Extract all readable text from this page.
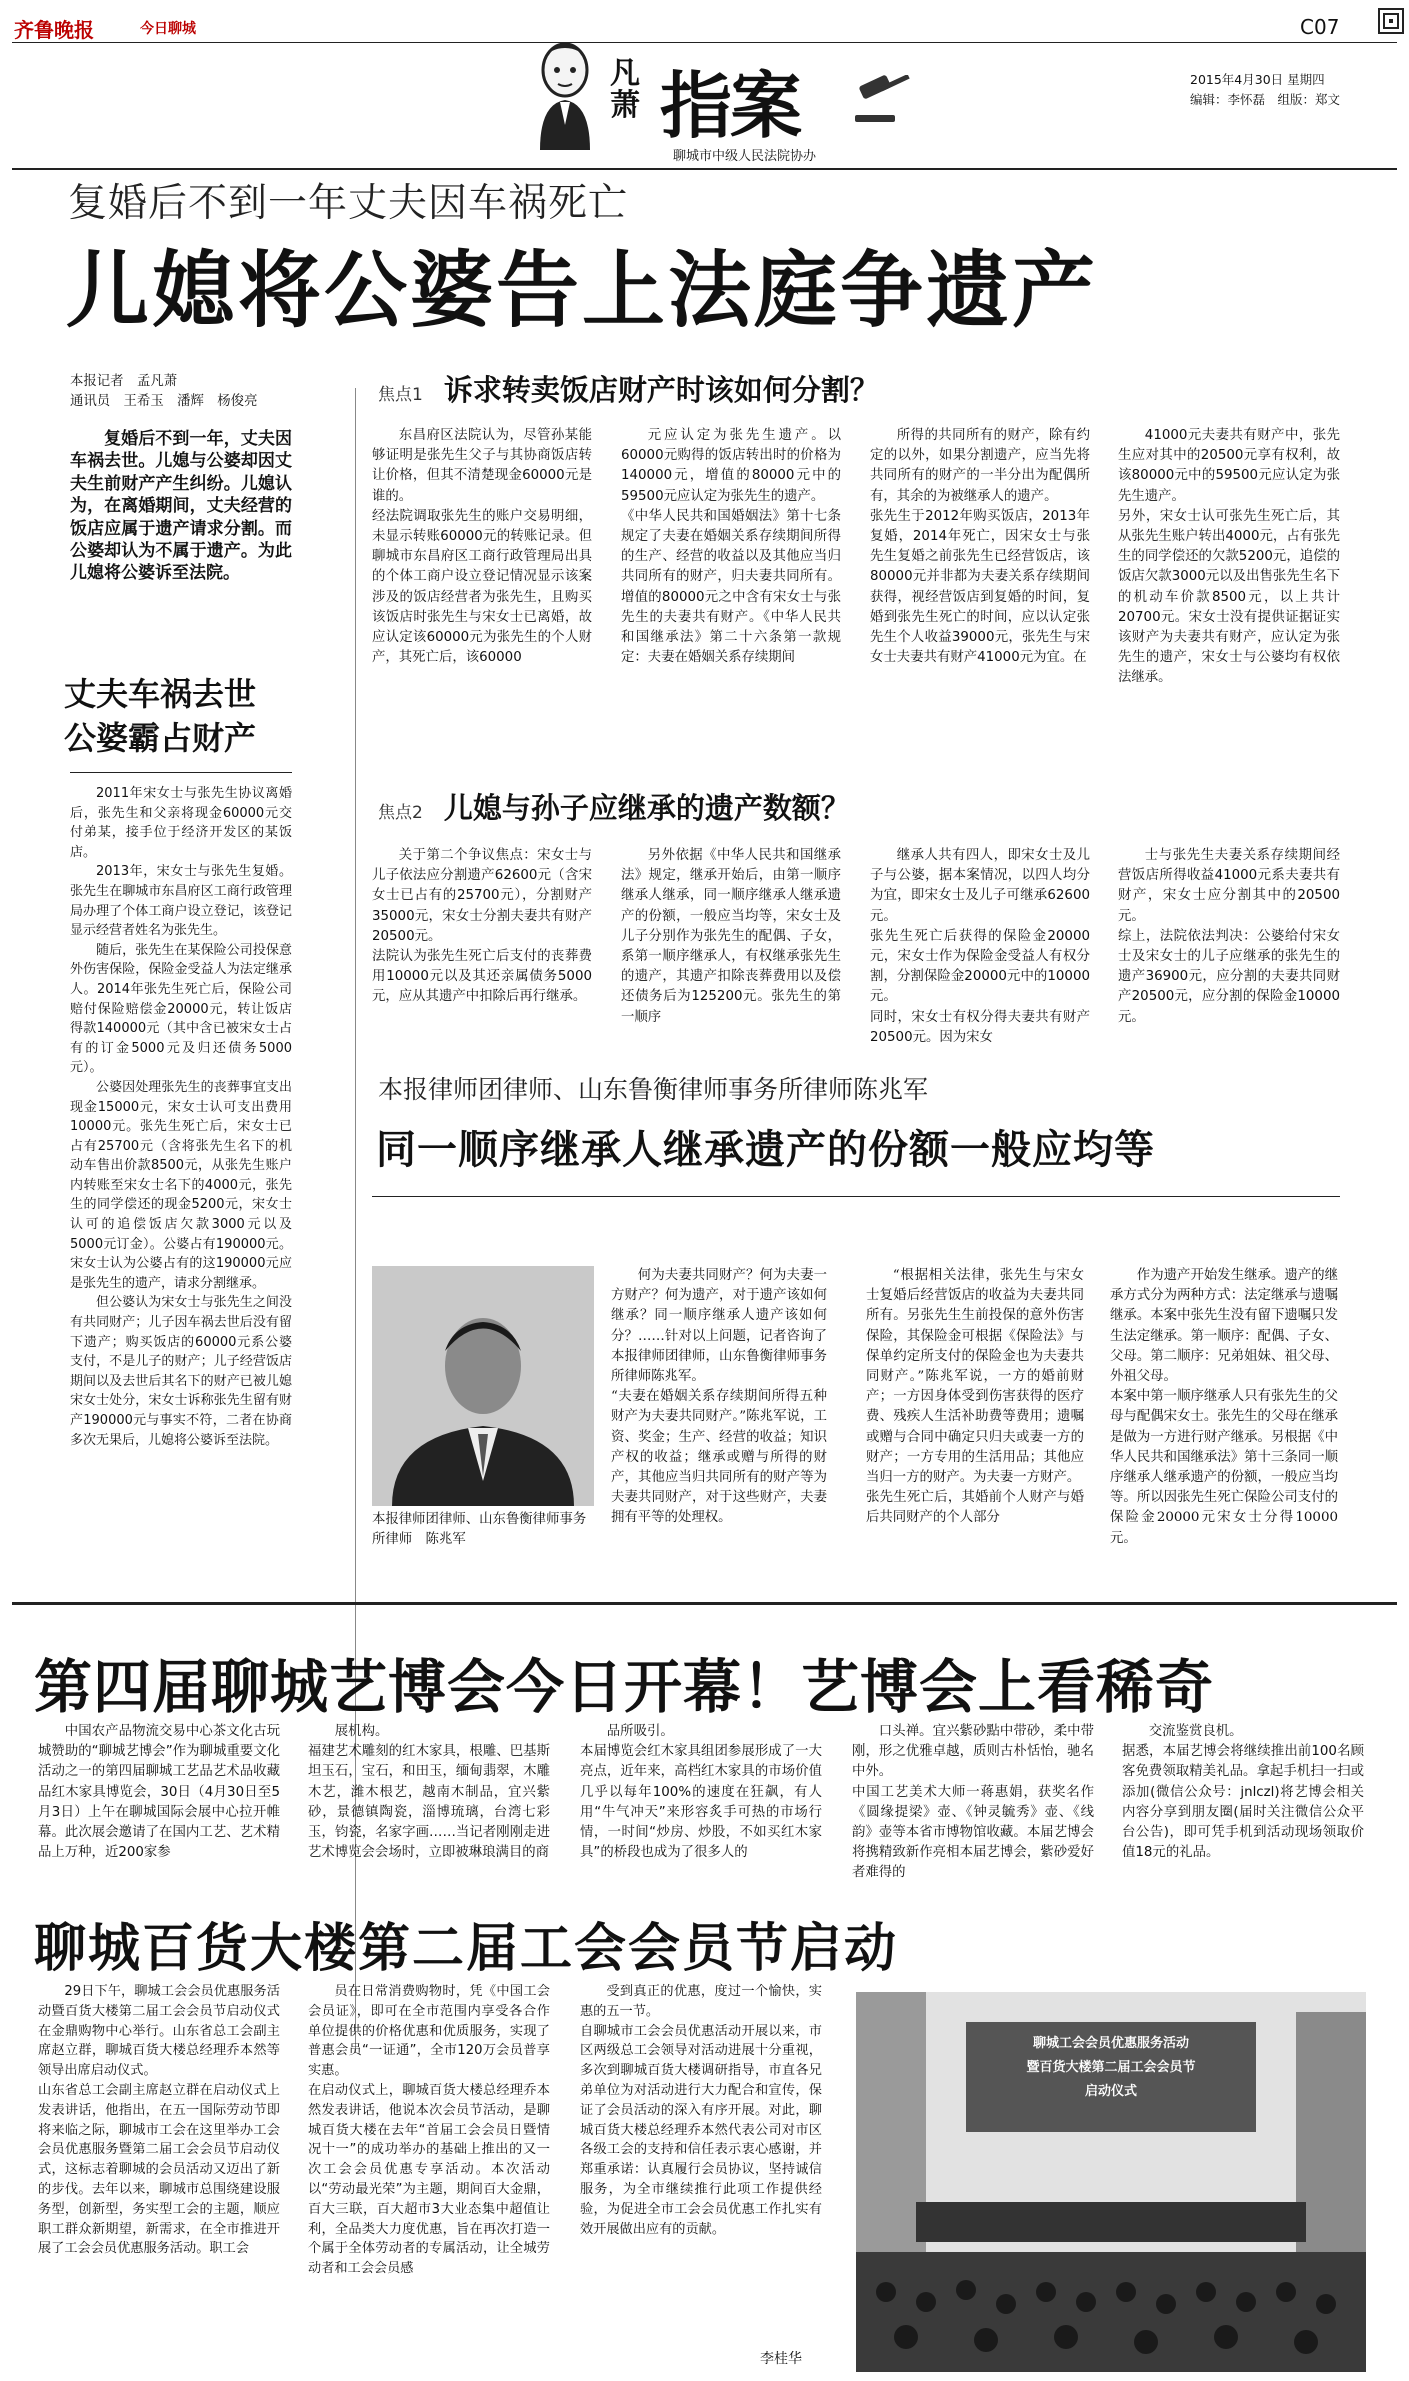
齐鲁晚报	今日聊城
凡
萧 指案
聊城市中级人民法院协办
C07
2015年4月30日 星期四
编辑：李怀磊　组版：郑文
复婚后不到一年丈夫因车祸死亡
儿媳将公婆告上法庭争遗产
本报记者　孟凡萧
通讯员　王希玉　潘辉　杨俊亮
复婚后不到一年，丈夫因车祸去世。儿媳与公婆却因丈夫生前财产产生纠纷。儿媳认为，在离婚期间，丈夫经营的饭店应属于遗产请求分割。而公婆却认为不属于遗产。为此儿媳将公婆诉至法院。
丈夫车祸去世
公婆霸占财产

2011年宋女士与张先生协议离婚后，张先生和父亲将现金60000元交付弟某，接手位于经济开发区的某饭店。

2013年，宋女士与张先生复婚。张先生在聊城市东昌府区工商行政管理局办理了个体工商户设立登记，该登记显示经营者姓名为张先生。

随后，张先生在某保险公司投保意外伤害保险，保险金受益人为法定继承人。2014年张先生死亡后，保险公司赔付保险赔偿金20000元，转让饭店得款140000元（其中含已被宋女士占有的订金5000元及归还债务5000元）。

公婆因处理张先生的丧葬事宜支出现金15000元，宋女士认可支出费用10000元。张先生死亡后，宋女士已占有25700元（含将张先生名下的机动车售出价款8500元，从张先生账户内转账至宋女士名下的4000元，张先生的同学偿还的现金5200元，宋女士认可的追偿饭店欠款3000元以及5000元订金）。公婆占有190000元。宋女士认为公婆占有的这190000元应是张先生的遗产，请求分割继承。

但公婆认为宋女士与张先生之间没有共同财产；儿子因车祸去世后没有留下遗产；购买饭店的60000元系公婆支付，不是儿子的财产；儿子经营饭店期间以及去世后其名下的财产已被儿媳宋女士处分，宋女士诉称张先生留有财产190000元与事实不符，二者在协商多次无果后，儿媳将公婆诉至法院。

焦点1 诉求转卖饭店财产时该如何分割？
东昌府区法院认为，尽管孙某能够证明是张先生父子与其协商饭店转让价格，但其不清楚现金60000元是谁的。
经法院调取张先生的账户交易明细，未显示转账60000元的转账记录。但聊城市东昌府区工商行政管理局出具的个体工商户设立登记情况显示该案涉及的饭店经营者为张先生，且购买该饭店时张先生与宋女士已离婚，故应认定该60000元为张先生的个人财产，其死亡后，该60000
元应认定为张先生遗产。以60000元购得的饭店转出时的价格为140000元，增值的80000元中的59500元应认定为张先生的遗产。
《中华人民共和国婚姻法》第十七条规定了夫妻在婚姻关系存续期间所得的生产、经营的收益以及其他应当归共同所有的财产，归夫妻共同所有。增值的80000元之中含有宋女士与张先生的夫妻共有财产。《中华人民共和国继承法》第二十六条第一款规定：夫妻在婚姻关系存续期间
所得的共同所有的财产，除有约定的以外，如果分割遗产，应当先将共同所有的财产的一半分出为配偶所有，其余的为被继承人的遗产。
张先生于2012年购买饭店，2013年复婚，2014年死亡，因宋女士与张先生复婚之前张先生已经营饭店，该80000元并非都为夫妻关系存续期间获得，视经营饭店到复婚的时间，复婚到张先生死亡的时间，应以认定张先生个人收益39000元，张先生与宋女士夫妻共有财产41000元为宜。在
41000元夫妻共有财产中，张先生应对其中的20500元享有权利，故该80000元中的59500元应认定为张先生遗产。
另外，宋女士认可张先生死亡后，其从张先生账户转出4000元，占有张先生的同学偿还的欠款5200元，追偿的饭店欠款3000元以及出售张先生名下的机动车价款8500元，以上共计20700元。宋女士没有提供证据证实该财产为夫妻共有财产，应认定为张先生的遗产，宋女士与公婆均有权依法继承。
焦点2 儿媳与孙子应继承的遗产数额？
关于第二个争议焦点：宋女士与儿子依法应分割遗产62600元（含宋女士已占有的25700元），分割财产35000元，宋女士分割夫妻共有财产20500元。
法院认为张先生死亡后支付的丧葬费用10000元以及其还亲属债务5000元，应从其遗产中扣除后再行继承。
另外依据《中华人民共和国继承法》规定，继承开始后，由第一顺序继承人继承，同一顺序继承人继承遗产的份额，一般应当均等，宋女士及儿子分别作为张先生的配偶、子女，系第一顺序继承人，有权继承张先生的遗产，其遗产扣除丧葬费用以及偿还债务后为125200元。张先生的第一顺序
继承人共有四人，即宋女士及儿子与公婆，据本案情况，以四人均分为宜，即宋女士及儿子可继承62600元。
张先生死亡后获得的保险金20000元，宋女士作为保险金受益人有权分割，分割保险金20000元中的10000元。
同时，宋女士有权分得夫妻共有财产20500元。因为宋女
士与张先生夫妻关系存续期间经营饭店所得收益41000元系夫妻共有财产，宋女士应分割其中的20500元。
综上，法院依法判决：公婆给付宋女士及宋女士的儿子应继承的张先生的遗产36900元，应分割的夫妻共同财产20500元，应分割的保险金10000元。
本报律师团律师、山东鲁衡律师事务所律师陈兆军
同一顺序继承人继承遗产的份额一般应均等
本报律师团律师、山东鲁衡律师事务所律师　陈兆军
何为夫妻共同财产？何为夫妻一方财产？何为遗产，对于遗产该如何继承？同一顺序继承人遗产该如何分？……针对以上问题，记者咨询了本报律师团律师，山东鲁衡律师事务所律师陈兆军。
“夫妻在婚姻关系存续期间所得五种财产为夫妻共同财产。”陈兆军说，工资、奖金；生产、经营的收益；知识产权的收益；继承或赠与所得的财产，其他应当归共同所有的财产等为夫妻共同财产，对于这些财产，夫妻拥有平等的处理权。
“根据相关法律，张先生与宋女士复婚后经营饭店的收益为夫妻共同所有。另张先生生前投保的意外伤害保险，其保险金可根据《保险法》与保单约定所支付的保险金也为夫妻共同财产。”陈兆军说，一方的婚前财产；一方因身体受到伤害获得的医疗费、残疾人生活补助费等费用；遗嘱或赠与合同中确定只归夫或妻一方的财产；一方专用的生活用品；其他应当归一方的财产。为夫妻一方财产。
张先生死亡后，其婚前个人财产与婚后共同财产的个人部分
作为遗产开始发生继承。遗产的继承方式分为两种方式：法定继承与遗嘱继承。本案中张先生没有留下遗嘱只发生法定继承。第一顺序：配偶、子女、父母。第二顺序：兄弟姐妹、祖父母、外祖父母。
本案中第一顺序继承人只有张先生的父母与配偶宋女士。张先生的父母在继承是做为一方进行财产继承。另根据《中华人民共和国继承法》第十三条同一顺序继承人继承遗产的份额，一般应当均等。所以因张先生死亡保险公司支付的保险金20000元宋女士分得10000元。
第四届聊城艺博会今日开幕！艺博会上看稀奇
中国农产品物流交易中心茶文化古玩城赞助的“聊城艺博会”作为聊城重要文化活动之一的第四届聊城工艺品艺术品收藏品红木家具博览会，30日（4月30日至5月3日）上午在聊城国际会展中心拉开帷幕。此次展会邀请了在国内工艺、艺术精品上万种，近200家参
展机构。
福建艺术雕刻的红木家具，根雕、巴基斯坦玉石，宝石，和田玉，缅甸翡翠，木雕木艺，潍木根艺，越南木制品，宜兴紫砂，景德镇陶瓷，淄博琉璃，台湾七彩玉，钧瓷，名家字画……当记者刚刚走进艺术博览会会场时，立即被琳琅满目的商
品所吸引。
本届博览会红木家具组团参展形成了一大亮点，近年来，高档红木家具的市场价值几乎以每年100%的速度在狂飙，有人用“牛气冲天”来形容炙手可热的市场行情，一时间“炒房、炒股，不如买红木家具”的桥段也成为了很多人的
口头禅。宜兴紫砂點中带砂，柔中带刚，形之优雅卓越，质则古朴恬怡，驰名中外。
中国工艺美术大师一蒋惠娟，获奖名作《圆缘提梁》壶、《钟灵毓秀》壶、《线韵》壶等本省市博物馆收藏。本届艺博会将携精致新作亮相本届艺博会，紫砂爱好者难得的
交流鉴赏良机。
据悉，本届艺博会将继续推出前100名顾客免费领取精美礼品。拿起手机扫一扫或添加(微信公众号：jnlczl)将艺博会相关内容分享到朋友圈(届时关注微信公众平台公告)，即可凭手机到活动现场领取价值18元的礼品。
聊城百货大楼第二届工会会员节启动
29日下午，聊城工会会员优惠服务活动暨百货大楼第二届工会会员节启动仪式在金鼎购物中心举行。山东省总工会副主席赵立群，聊城百货大楼总经理乔本然等领导出席启动仪式。
山东省总工会副主席赵立群在启动仪式上发表讲话，他指出，在五一国际劳动节即将来临之际，聊城市工会在这里举办工会会员优惠服务暨第二届工会会员节启动仪式，这标志着聊城的会员活动又迈出了新的步伐。去年以来，聊城市总围绕建设服务型，创新型，务实型工会的主题，顺应职工群众新期望，新需求，在全市推进开展了工会会员优惠服务活动。职工会
员在日常消费购物时，凭《中国工会会员证》，即可在全市范围内享受各合作单位提供的价格优惠和优质服务，实现了普惠会员“一证通”，全市120万会员普享实惠。
在启动仪式上，聊城百货大楼总经理乔本然发表讲话，他说本次会员节活动，是聊城百货大楼在去年“首届工会会员日暨情况十一”的成功举办的基础上推出的又一次工会会员优惠专享活动。本次活动以“劳动最光荣”为主题，期间百大金鼎，百大三联，百大超市3大业态集中超值让利，全品类大力度优惠，旨在再次打造一个属于全体劳动者的专属活动，让全城劳动者和工会会员感
受到真正的优惠，度过一个愉快，实惠的五一节。
自聊城市工会会员优惠活动开展以来，市区两级总工会领导对活动进展十分重视，多次到聊城百货大楼调研指导，市直各兄弟单位为对活动进行大力配合和宣传，保证了会员活动的深入有序开展。对此，聊城百货大楼总经理乔本然代表公司对市区各级工会的支持和信任表示衷心感谢，并郑重承诺：认真履行会员协议，坚持诚信服务，为全市继续推行此项工作提供经验，为促进全市工会会员优惠工作扎实有效开展做出应有的贡献。
李桂华
聊城工会会员优惠服务活动
暨百货大楼第二届工会会员节
启动仪式
